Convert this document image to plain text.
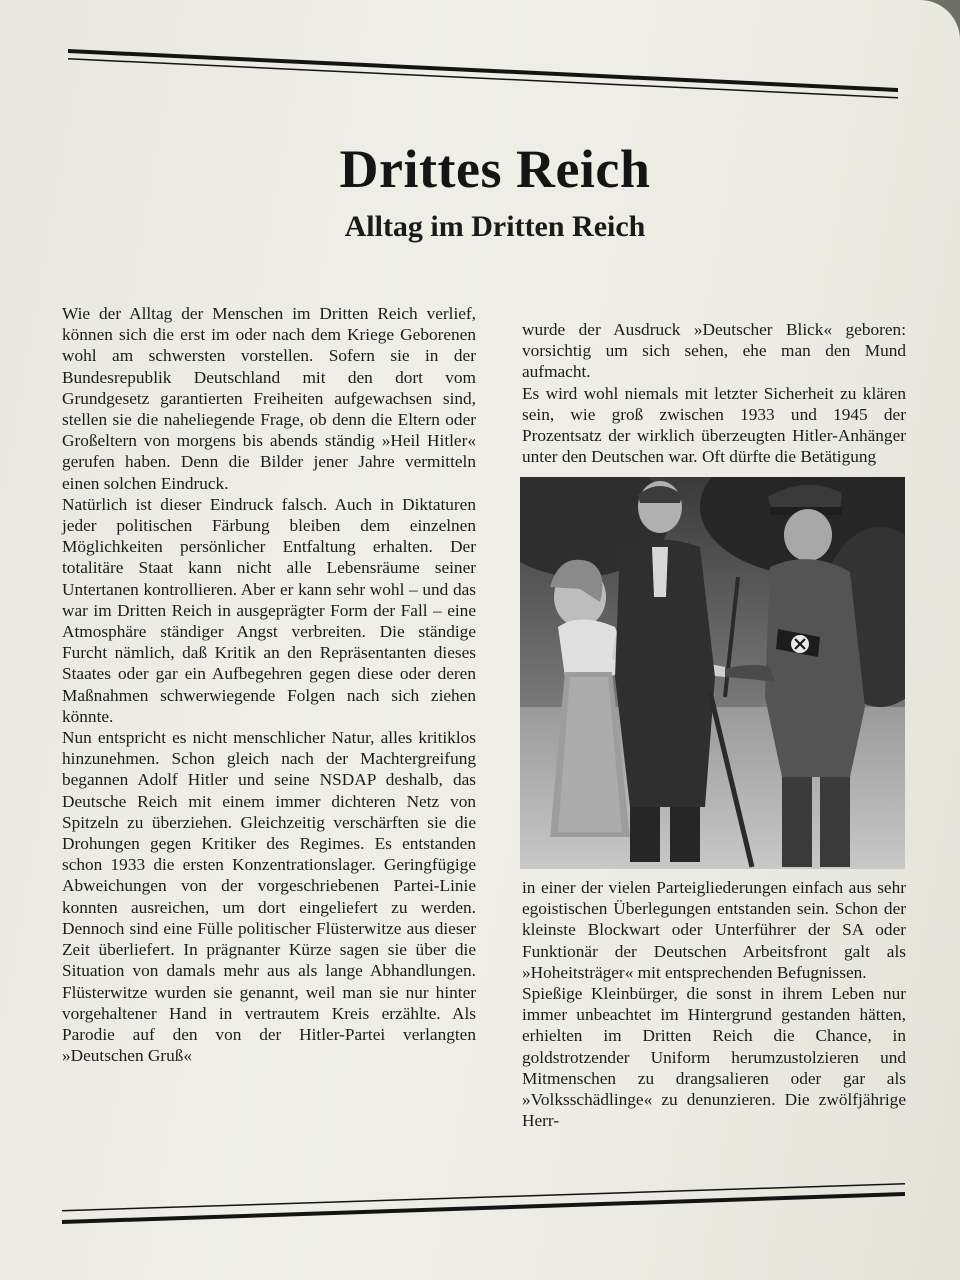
Drittes Reich
Alltag im Dritten Reich

Wie der Alltag der Menschen im Dritten Reich verlief, können sich die erst im oder nach dem Kriege Geborenen wohl am schwersten vorstellen. Sofern sie in der Bundesrepublik Deutschland mit den dort vom Grundgesetz garantierten Freiheiten aufgewachsen sind, stellen sie die naheliegende Frage, ob denn die Eltern oder Großeltern von morgens bis abends ständig »Heil Hitler« gerufen haben. Denn die Bilder jener Jahre vermitteln einen solchen Eindruck.

Natürlich ist dieser Eindruck falsch. Auch in Diktaturen jeder politischen Färbung bleiben dem einzelnen Möglichkeiten persönlicher Entfaltung erhalten. Der totalitäre Staat kann nicht alle Lebensräume seiner Untertanen kontrollieren. Aber er kann sehr wohl – und das war im Dritten Reich in ausgeprägter Form der Fall – eine Atmosphäre ständiger Angst verbreiten. Die ständige Furcht nämlich, daß Kritik an den Repräsentanten dieses Staates oder gar ein Aufbegehren gegen diese oder deren Maßnahmen schwerwiegende Folgen nach sich ziehen könnte.

Nun entspricht es nicht menschlicher Natur, alles kritiklos hinzunehmen. Schon gleich nach der Machtergreifung begannen Adolf Hitler und seine NSDAP deshalb, das Deutsche Reich mit einem immer dichteren Netz von Spitzeln zu überziehen. Gleichzeitig verschärften sie die Drohungen gegen Kritiker des Regimes. Es entstanden schon 1933 die ersten Konzentrationslager. Geringfügige Abweichungen von der vorgeschriebenen Partei-Linie konnten ausreichen, um dort eingeliefert zu werden. Dennoch sind eine Fülle politischer Flüsterwitze aus dieser Zeit überliefert. In prägnanter Kürze sagen sie über die Situation von damals mehr aus als lange Abhandlungen. Flüsterwitze wurden sie genannt, weil man sie nur hinter vorgehaltener Hand in vertrautem Kreis erzählte. Als Parodie auf den von der Hitler-Partei verlangten »Deutschen Gruß«

wurde der Ausdruck »Deutscher Blick« geboren: vorsichtig um sich sehen, ehe man den Mund aufmacht.

Es wird wohl niemals mit letzter Sicherheit zu klären sein, wie groß zwischen 1933 und 1945 der Prozentsatz der wirklich überzeugten Hitler-Anhänger unter den Deutschen war. Oft dürfte die Betätigung

in einer der vielen Parteigliederungen einfach aus sehr egoistischen Überlegungen entstanden sein. Schon der kleinste Blockwart oder Unterführer der SA oder Funktionär der Deutschen Arbeitsfront galt als »Hoheitsträger« mit entsprechenden Befugnissen.

Spießige Kleinbürger, die sonst in ihrem Leben nur immer unbeachtet im Hintergrund gestanden hätten, erhielten im Dritten Reich die Chance, in goldstrotzender Uniform herumzustolzieren und Mitmenschen zu drangsalieren oder gar als »Volksschädlinge« zu denunzieren. Die zwölfjährige Herr-
